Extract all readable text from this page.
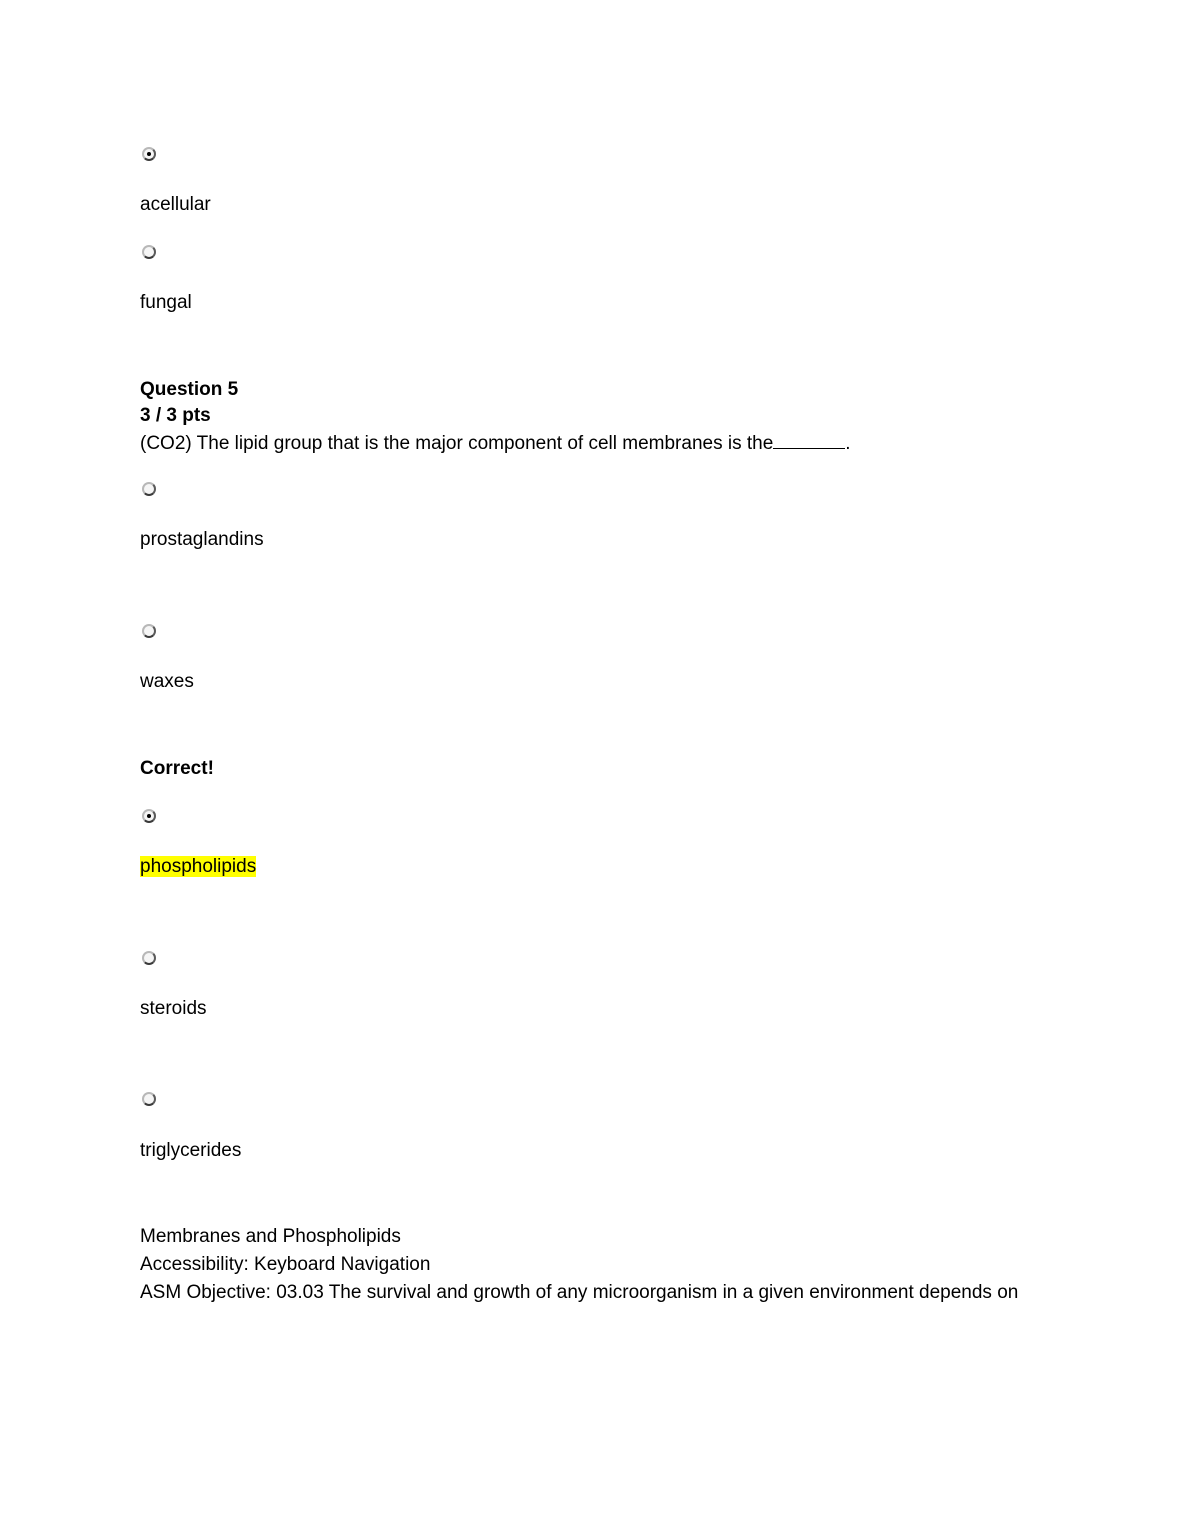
acellular
fungal
Question 5
3 / 3 pts
(CO2) The lipid group that is the major component of cell membranes is the	.
prostaglandins
waxes
Correct!
phospholipids
steroids
triglycerides
Membranes and Phospholipids
Accessibility: Keyboard Navigation
ASM Objective: 03.03 The survival and growth of any microorganism in a given environment depends on
